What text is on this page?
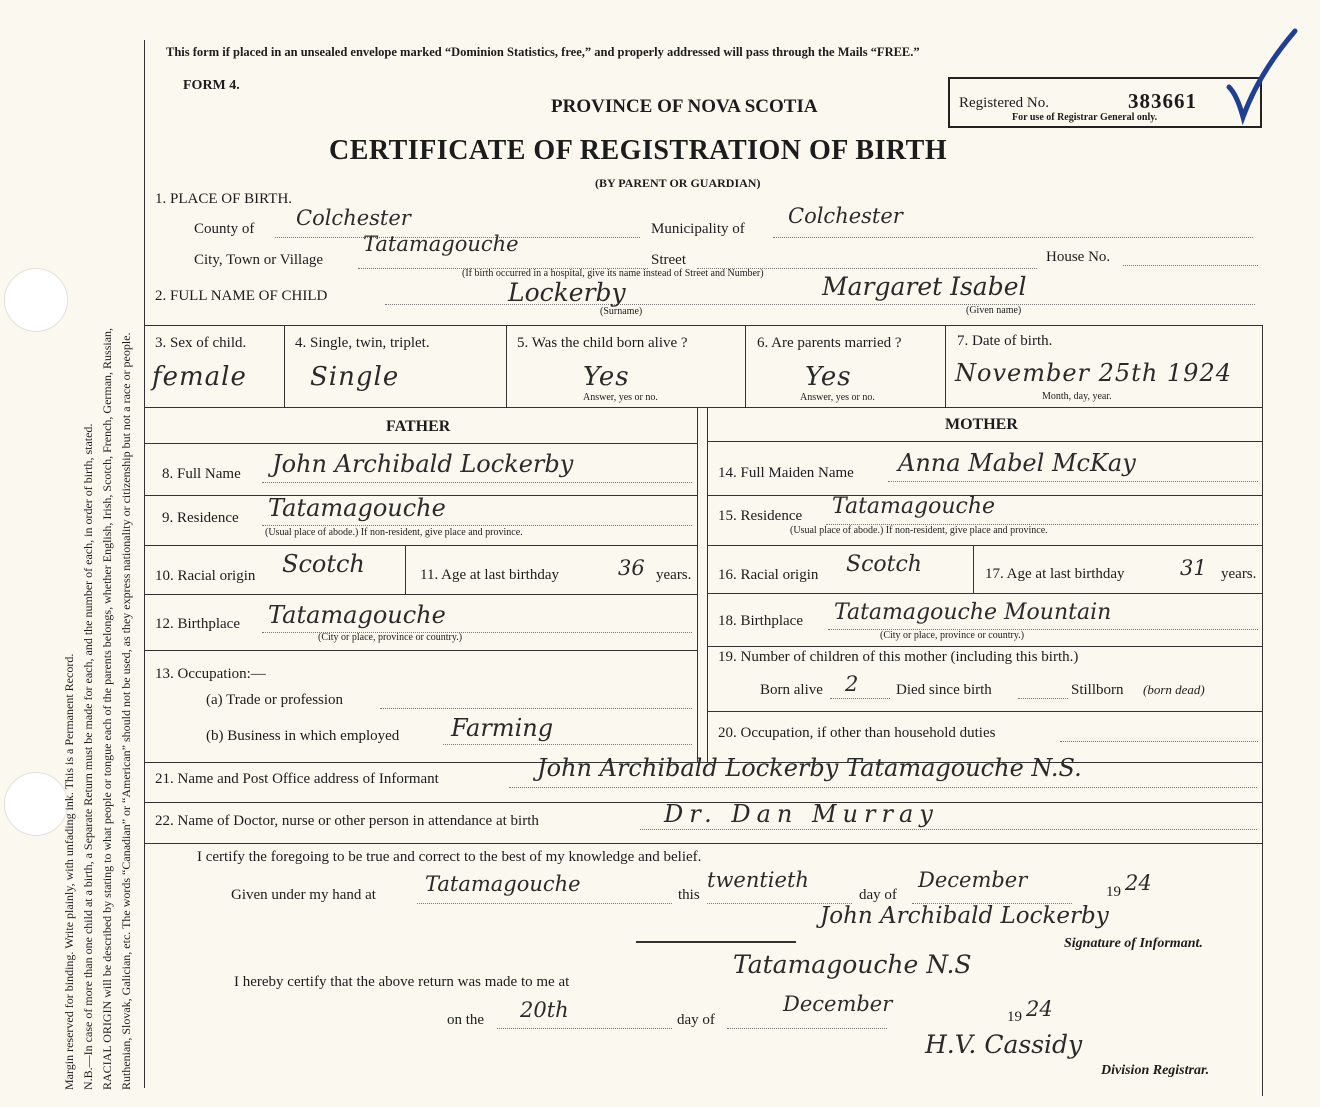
Margin reserved for binding. Write plainly, with unfading ink. This is a Permanent Record. N.B.—In case of more than one child at a birth, a Separate Return must be made for each, and the number of each, in order of birth, stated. RACIAL ORIGIN will be described by stating to what people or tongue each of the parents belongs, whether English, Irish, Scotch, French, German, Russian, Ruthenian, Slovak, Galician, etc. The words “Canadian” or “American” should not be used, as they express nationality or citizenship but not a race or people.
This form if placed in an unsealed envelope marked “Dominion Statistics, free,” and properly addressed will pass through the Mails “FREE.”
FORM 4.
PROVINCE OF NOVA SCOTIA	Registered No.	383661
For use of Registrar General only.
CERTIFICATE OF REGISTRATION OF BIRTH
(BY PARENT OR GUARDIAN)
1. PLACE OF BIRTH.
County of Colchester	Municipality of
Colchester
City, Town or Village
Tatamagouche
Street	House No.
(If birth occurred in a hospital, give its name instead of Street and Number)
2. FULL NAME OF CHILD	Lockerby
(Surname)
Margaret Isabel
(Given name)
3. Sex of child.
female
4. Single, twin, triplet.
Single
5. Was the child born alive ?
Yes
Answer, yes or no.
6. Are parents married ?
Yes
Answer, yes or no.
7. Date of birth.
November 25th 1924
Month, day, year.
FATHER	MOTHER
8. Full Name John Archibald Lockerby
9. Residence Tatamagouche
(Usual place of abode.) If non-resident, give place and province.
10. Racial origin Scotch	11. Age at last birthday	36 years.
12. Birthplace Tatamagouche
(City or place, province or country.)
13. Occupation:—
(a) Trade or profession
(b) Business in which employed Farming
14. Full Maiden Name Anna Mabel McKay
15. Residence Tatamagouche
(Usual place of abode.) If non-resident, give place and province.
16. Racial origin Scotch	17. Age at last birthday	31 years.
18. Birthplace Tatamagouche Mountain
(City or place, province or country.)
19. Number of children of this mother (including this birth.)
Born alive 2	Died since birth	Stillborn (born dead)
20. Occupation, if other than household duties
21. Name and Post Office address of Informant	John Archibald Lockerby Tatamagouche N.S.
22. Name of Doctor, nurse or other person in attendance at birth	Dr. Dan Murray
I certify the foregoing to be true and correct to the best of my knowledge and belief.
Given under my hand at Tatamagouche	this
twentieth
day of
December	19 24
John Archibald Lockerby
Signature of Informant.
I hereby certify that the above return was made to me at
Tatamagouche N.S
on the 20th	day of
December
19 24
H.V. Cassidy
Division Registrar.
